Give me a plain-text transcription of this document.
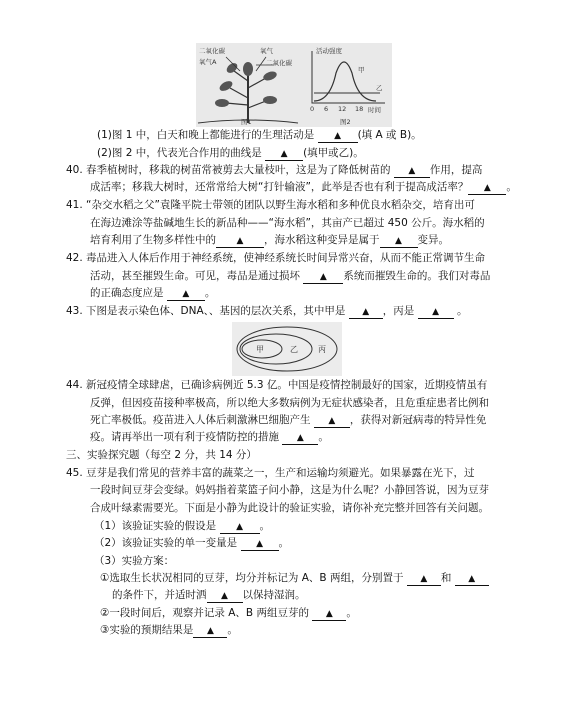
二氧化碳	氧气
氧气A	二氧化碳
图1
活动强度
甲
乙
0 6 12 18 时间
图2
(1)图 1 中，白天和晚上都能进行的生理活动是 ▲ (填 A 或 B)。
(2)图 2 中，代表光合作用的曲线是 ▲ (填甲或乙)。
40. 春季植树时，移栽的树苗常被剪去大量枝叶，这是为了降低树苗的 ▲ 作用，提高
成活率；移栽大树时，还常常给大树“打针输液”，此举是否也有利于提高成活率？ ▲ 。
41. “杂交水稻之父”袁隆平院士带领的团队以野生海水稻和多种优良水稻杂交，培育出可
在海边滩涂等盐碱地生长的新品种——“海水稻”，其亩产已超过 450 公斤。海水稻的
培育利用了生物多样性中的 ▲ ，海水稻这种变异是属于 ▲ 变异。
42. 毒品进入人体后作用于神经系统，使神经系统长时间异常兴奋，从而不能正常调节生命
活动，甚至摧毁生命。可见，毒品是通过损坏 ▲ 系统而摧毁生命的。我们对毒品
的正确态度应是 ▲ 。
43. 下图是表示染色体、DNA、、基因的层次关系，其中甲是 ▲ ，丙是 ▲ 。
甲	乙	丙
44. 新冠疫情全球肆虐，已确诊病例近 5.3 亿。中国是疫情控制最好的国家，近期疫情虽有
反弹，但因疫苗接种率极高，所以绝大多数病例为无症状感染者，且危重症患者比例和
死亡率极低。疫苗进入人体后刺激淋巴细胞产生 ▲ ，获得对新冠病毒的特异性免
疫。请再举出一项有利于疫情防控的措施 ▲ 。
三、实验探究题（每空 2 分，共 14 分）
45. 豆芽是我们常见的营养丰富的蔬菜之一，生产和运输均须避光。如果暴露在光下，过
一段时间豆芽会变绿。妈妈指着菜篮子问小静，这是为什么呢？小静回答说，因为豆芽
合成叶绿素需要光。下面是小静为此设计的验证实验，请你补充完整并回答有关问题。
（1）该验证实验的假设是 ▲ 。
（2）该验证实验的单一变量是 ▲ 。
（3）实验方案：
①选取生长状况相同的豆芽，均分并标记为 A、B 两组，分别置于 ▲ 和 ▲
的条件下，并适时洒 ▲ 以保持湿润。
②一段时间后，观察并记录 A、B 两组豆芽的 ▲ 。
③实验的预期结果是 ▲ 。
